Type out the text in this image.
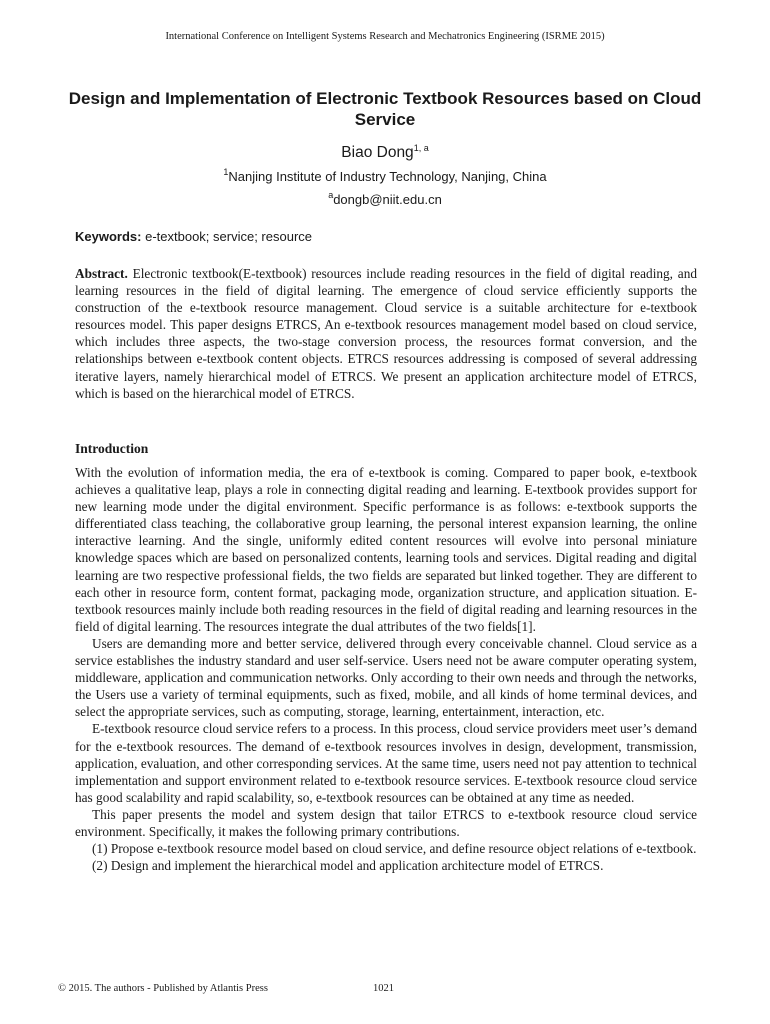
International Conference on Intelligent Systems Research and Mechatronics Engineering (ISRME 2015)
Design and Implementation of Electronic Textbook Resources based on Cloud Service
Biao Dong$^{1, a}$
$^1$Nanjing Institute of Industry Technology, Nanjing, China
$^a$dongb@niit.edu.cn
Keywords: e-textbook; service; resource

Abstract. Electronic textbook(E-textbook) resources include reading resources in the field of digital reading, and learning resources in the field of digital learning. The emergence of cloud service efficiently supports the construction of the e-textbook resource management. Cloud service is a suitable architecture for e-textbook resources model. This paper designs ETRCS, An e-textbook resources management model based on cloud service, which includes three aspects, the two-stage conversion process, the resources format conversion, and the relationships between e-textbook content objects. ETRCS resources addressing is composed of several addressing iterative layers, namely hierarchical model of ETRCS. We present an application architecture model of ETRCS, which is based on the hierarchical model of ETRCS.

Introduction

With the evolution of information media, the era of e-textbook is coming. Compared to paper book, e-textbook achieves a qualitative leap, plays a role in connecting digital reading and learning. E-textbook provides support for new learning mode under the digital environment. Specific performance is as follows: e-textbook supports the differentiated class teaching, the collaborative group learning, the personal interest expansion learning, the online interactive learning. And the single, uniformly edited content resources will evolve into personal miniature knowledge spaces which are based on personalized contents, learning tools and services. Digital reading and digital learning are two respective professional fields, the two fields are separated but linked together. They are different to each other in resource form, content format, packaging mode, organization structure, and application situation. E-textbook resources mainly include both reading resources in the field of digital reading and learning resources in the field of digital learning. The resources integrate the dual attributes of the two fields[1].

Users are demanding more and better service, delivered through every conceivable channel. Cloud service as a service establishes the industry standard and user self-service. Users need not be aware computer operating system, middleware, application and communication networks. Only according to their own needs and through the networks, the Users use a variety of terminal equipments, such as fixed, mobile, and all kinds of home terminal devices, and select the appropriate services, such as computing, storage, learning, entertainment, interaction, etc.

E-textbook resource cloud service refers to a process. In this process, cloud service providers meet user’s demand for the e-textbook resources. The demand of e-textbook resources involves in design, development, transmission, application, evaluation, and other corresponding services. At the same time, users need not pay attention to technical implementation and support environment related to e-textbook resource services. E-textbook resource cloud service has good scalability and rapid scalability, so, e-textbook resources can be obtained at any time as needed.

This paper presents the model and system design that tailor ETRCS to e-textbook resource cloud service environment. Specifically, it makes the following primary contributions.

(1) Propose e-textbook resource model based on cloud service, and define resource object relations of e-textbook.

(2) Design and implement the hierarchical model and application architecture model of ETRCS.

© 2015. The authors - Published by Atlantis Press	1021
